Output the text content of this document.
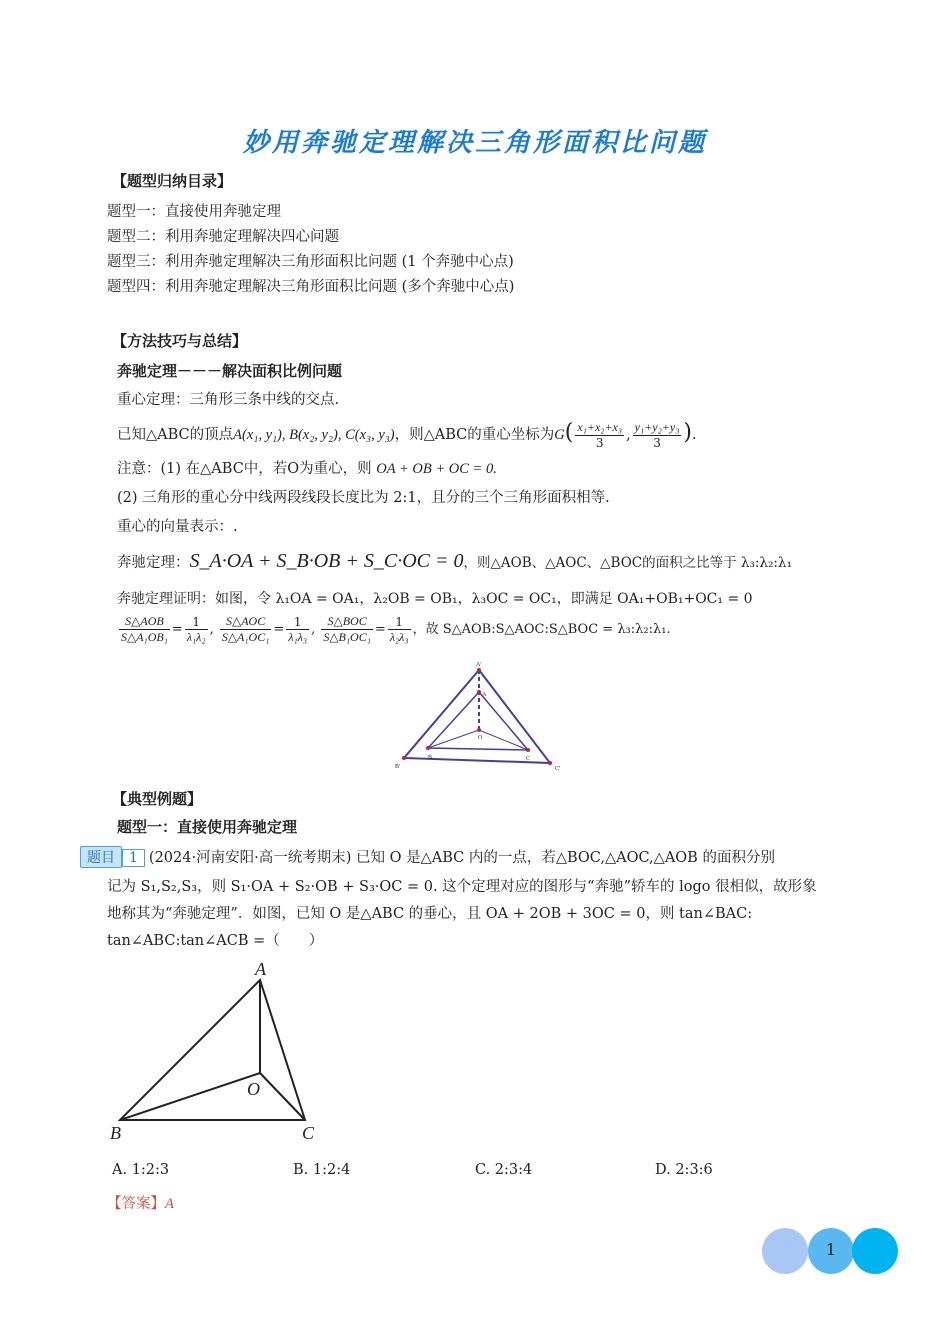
妙用奔驰定理解决三角形面积比问题
【题型归纳目录】
题型一：直接使用奔驰定理
题型二：利用奔驰定理解决四心问题
题型三：利用奔驰定理解决三角形面积比问题 (1 个奔驰中心点)
题型四：利用奔驰定理解决三角形面积比问题 (多个奔驰中心点)
【方法技巧与总结】
奔驰定理－－－解决面积比例问题
重心定理：三角形三条中线的交点.
已知△ABC的顶点A(x₁, y₁), B(x₂, y₂), C(x₃, y₃)，则△ABC的重心坐标为$G( \frac{\text{x₁+x₂+x₃}}{3}$ , $\frac{\text{y₁+y₂+y₃}}{3}$ ).
注意：(1) 在△ABC中，若O为重心，则 OA + OB + OC = 0.
(2) 三角形的重心分中线两段线段长度比为 2:1，且分的三个三角形面积相等.
重心的向量表示：.
奔驰定理：S_A·OA + S_B·OB + S_C·OC = 0，则△AOB、△AOC、△BOC的面积之比等于 λ₃:λ₂:λ₁
奔驰定理证明：如图，令 λ₁OA = OA₁，λ₂OB = OB₁，λ₃OC = OC₁，即满足 OA₁+OB₁+OC₁ = 0
$\frac{\text{S△AOB}}{\text{S△A₁OB₁}} = \frac{1}{\text{λ₁λ₂}}$ , $\frac{\text{S△AOC}}{\text{S△A₁OC₁}} = \frac{1}{\text{λ₁λ₃}}$ , $\frac{\text{S△BOC}}{\text{S△B₁OC₁}} = \frac{1}{\text{λ₂λ₃}}$ ，故 S△AOB:S△AOC:S△BOC = λ₃:λ₂:λ₁.
A'
A
O
B
B'
C
C'
【典型例题】
题型一：直接使用奔驰定理
题目 1 (2024·河南安阳·高一统考期末) 已知 O 是△ABC 内的一点，若△BOC,△AOC,△AOB 的面积分别
记为 S₁,S₂,S₃，则 S₁·OA + S₂·OB + S₃·OC = 0. 这个定理对应的图形与“奔驰”轿车的 logo 很相似，故形象
地称其为“奔驰定理”．如图，已知 O 是△ABC 的垂心，且 OA + 2OB + 3OC = 0，则 tan∠BAC:
tan∠ABC:tan∠ACB =（　　）
A
O
B	C
A. 1:2:3	B. 1:2:4	C. 2:3:4	D. 2:3:6
【答案】A
1
